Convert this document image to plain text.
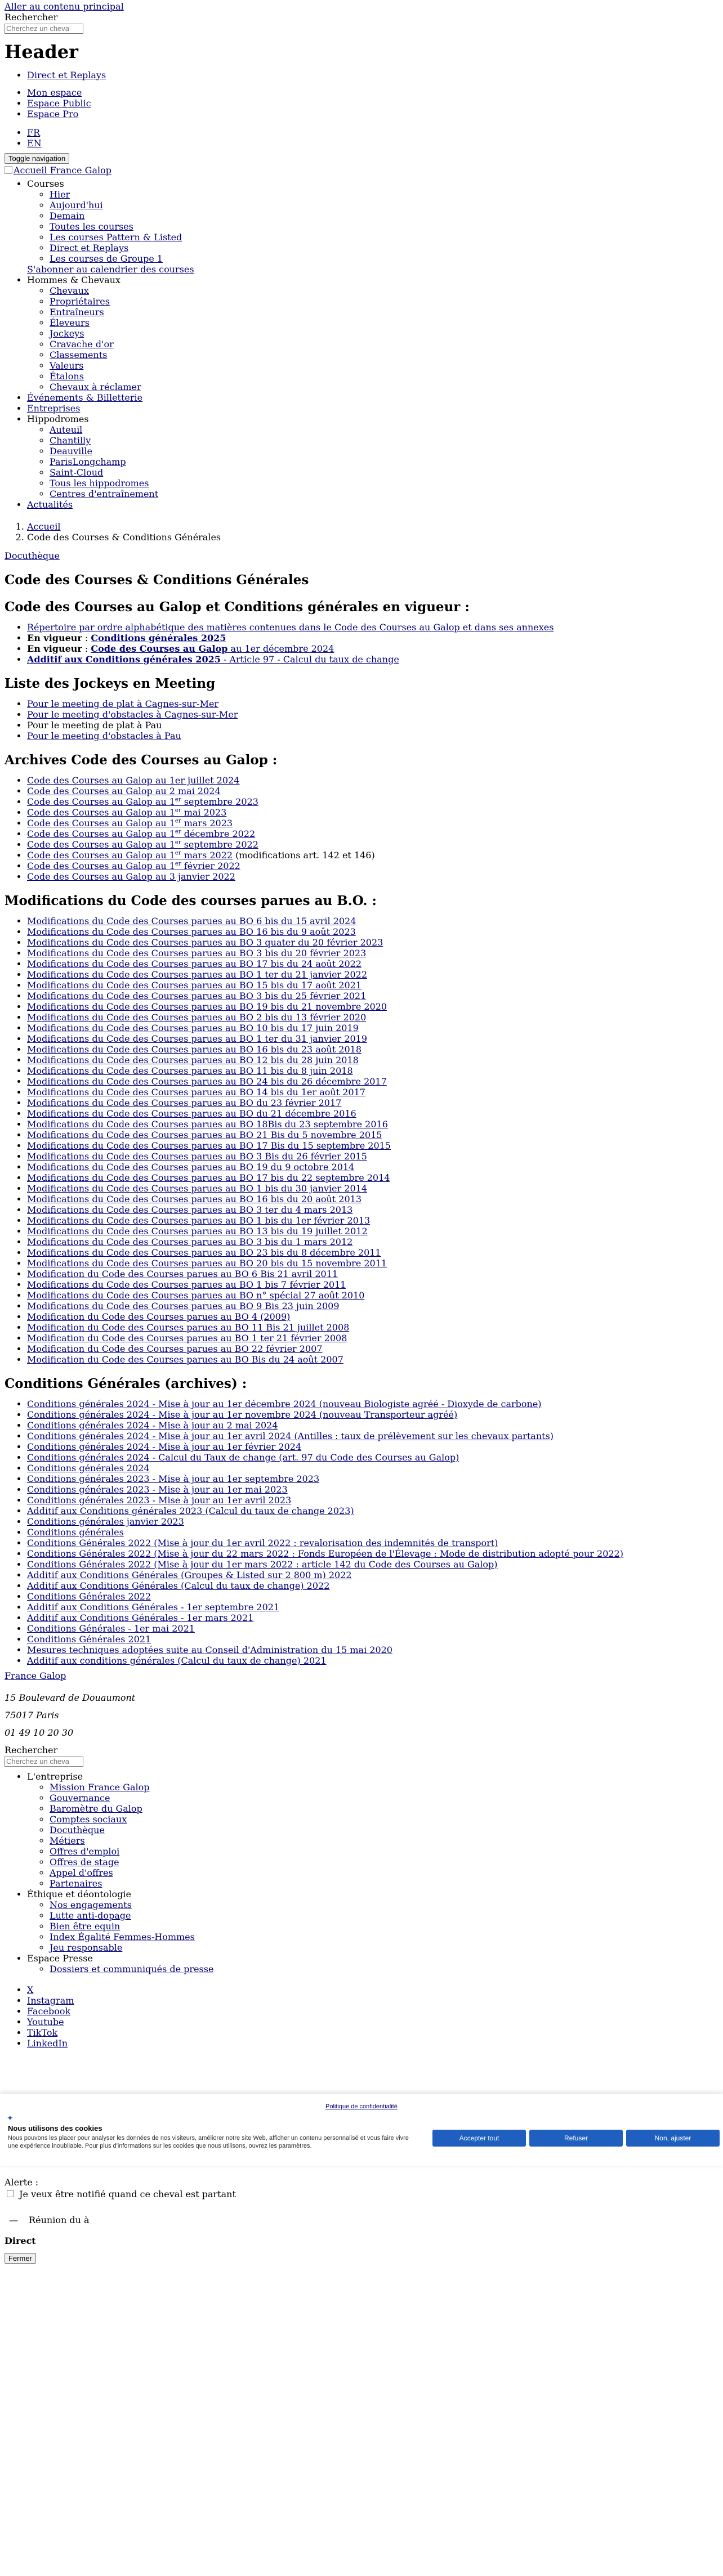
Aller au contenu principal
Rechercher
Cherchez un cheva
Header
• Direct et Replays
• Mon espace
• Espace Public
• Espace Pro
• FR
• EN
Toggle navigation
Accueil France Galop
• Courses
◦ Hier
◦ Aujourd'hui
◦ Demain
◦ Toutes les courses
◦ Les courses Pattern & Listed
◦ Direct et Replays
◦ Les courses de Groupe 1
S'abonner au calendrier des courses
• Hommes & Chevaux
◦ Chevaux
◦ Propriétaires
◦ Entraîneurs
◦ Éleveurs
◦ Jockeys
◦ Cravache d'or
◦ Classements
◦ Valeurs
◦ Étalons
◦ Chevaux à réclamer
• Événements & Billetterie
• Entreprises
• Hippodromes
◦ Auteuil
◦ Chantilly
◦ Deauville
◦ ParisLongchamp
◦ Saint-Cloud
◦ Tous les hippodromes
◦ Centres d'entraînement
• Actualités
1. Accueil
2. Code des Courses & Conditions Générales

Docuthèque

Code des Courses & Conditions Générales
Code des Courses au Galop et Conditions générales en vigueur :
• Répertoire par ordre alphabétique des matières contenues dans le Code des Courses au Galop et dans ses annexes
• En vigueur : Conditions générales 2025
• En vigueur : Code des Courses au Galop au 1er décembre 2024
• Additif aux Conditions générales 2025 - Article 97 - Calcul du taux de change
Liste des Jockeys en Meeting
• Pour le meeting de plat à Cagnes-sur-Mer
• Pour le meeting d'obstacles à Cagnes-sur-Mer
• Pour le meeting de plat à Pau
• Pour le meeting d'obstacles à Pau
Archives Code des Courses au Galop :
• Code des Courses au Galop au 1er juillet 2024
• Code des Courses au Galop au 2 mai 2024
• Code des Courses au Galop au 1er septembre 2023
• Code des Courses au Galop au 1er mai 2023
• Code des Courses au Galop au 1er mars 2023
• Code des Courses au Galop au 1er décembre 2022
• Code des Courses au Galop au 1er septembre 2022
• Code des Courses au Galop au 1er mars 2022 (modifications art. 142 et 146)
• Code des Courses au Galop au 1er février 2022
• Code des Courses au Galop au 3 janvier 2022
Modifications du Code des courses parues au B.O. :
• Modifications du Code des Courses parues au BO 6 bis du 15 avril 2024
• Modifications du Code des Courses parues au BO 16 bis du 9 août 2023
• Modifications du Code des Courses parues au BO 3 quater du 20 février 2023
• Modifications du Code des Courses parues au BO 3 bis du 20 février 2023
• Modifications du Code des Courses parues au BO 17 bis du 24 août 2022
• Modifications du Code des Courses parues au BO 1 ter du 21 janvier 2022
• Modifications du Code des Courses parues au BO 15 bis du 17 août 2021
• Modifications du Code des Courses parues au BO 3 bis du 25 février 2021
• Modifications du Code des Courses parues au BO 19 bis du 21 novembre 2020
• Modifications du Code des Courses parues au BO 2 bis du 13 février 2020
• Modifications du Code des Courses parues au BO 10 bis du 17 juin 2019
• Modifications du Code des Courses parues au BO 1 ter du 31 janvier 2019
• Modifications du Code des Courses parues au BO 16 bis du 23 août 2018
• Modifications du Code des Courses parues au BO 12 bis du 28 juin 2018
• Modifications du Code des Courses parues au BO 11 bis du 8 juin 2018
• Modifications du Code des Courses parues au BO 24 bis du 26 décembre 2017
• Modifications du Code des Courses parues au BO 14 bis du 1er août 2017
• Modifications du Code des Courses parues au BO du 23 février 2017
• Modifications du Code des Courses parues au BO du 21 décembre 2016
• Modifications du Code des Courses parues au BO 18Bis du 23 septembre 2016
• Modifications du Code des Courses parues au BO 21 Bis du 5 novembre 2015
• Modifications du Code des Courses parues au BO 17 Bis du 15 septembre 2015
• Modifications du Code des Courses parues au BO 3 Bis du 26 février 2015
• Modifications du Code des Courses parues au BO 19 du 9 octobre 2014
• Modifications du Code des Courses parues au BO 17 bis du 22 septembre 2014
• Modifications du Code des Courses parues au BO 1 bis du 30 janvier 2014
• Modifications du Code des Courses parues au BO 16 bis du 20 août 2013
• Modifications du Code des Courses parues au BO 3 ter du 4 mars 2013
• Modifications du Code des Courses parues au BO 1 bis du 1er février 2013
• Modifications du Code des Courses parues au BO 13 bis du 19 juillet 2012
• Modifications du Code des Courses parues au BO 3 bis du 1 mars 2012
• Modifications du Code des Courses parues au BO 23 bis du 8 décembre 2011
• Modifications du Code des Courses parues au BO 20 bis du 15 novembre 2011
• Modification du Code des Courses parues au BO 6 Bis 21 avril 2011
• Modifications du Code des Courses parues au BO 1 bis 7 février 2011
• Modifications du Code des Courses parues au BO n° spécial 27 août 2010
• Modifications du Code des Courses parues au BO 9 Bis 23 juin 2009
• Modification du Code des Courses parues au BO 4 (2009)
• Modification du Code des Courses parues au BO 11 Bis 21 juillet 2008
• Modification du Code des Courses parues au BO 1 ter 21 février 2008
• Modification du Code des Courses parues au BO 22 février 2007
• Modification du Code des Courses parues au BO Bis du 24 août 2007
Conditions Générales (archives) :
• Conditions générales 2024 - Mise à jour au 1er décembre 2024 (nouveau Biologiste agréé - Dioxyde de carbone)
• Conditions générales 2024 - Mise à jour au 1er novembre 2024 (nouveau Transporteur agréé)
• Conditions générales 2024 - Mise à jour au 2 mai 2024
• Conditions générales 2024 - Mise à jour au 1er avril 2024 (Antilles : taux de prélèvement sur les chevaux partants)
• Conditions générales 2024 - Mise à jour au 1er février 2024
• Conditions générales 2024 - Calcul du Taux de change (art. 97 du Code des Courses au Galop)
• Conditions générales 2024
• Conditions générales 2023 - Mise à jour au 1er septembre 2023
• Conditions générales 2023 - Mise à jour au 1er mai 2023
• Conditions générales 2023 - Mise à jour au 1er avril 2023
• Additif aux Conditions générales 2023 (Calcul du taux de change 2023)
• Conditions générales janvier 2023
• Conditions générales
• Conditions Générales 2022 (Mise à jour du 1er avril 2022 : revalorisation des indemnités de transport)
• Conditions Générales 2022 (Mise à jour du 22 mars 2022 : Fonds Européen de l'Élevage : Mode de distribution adopté pour 2022)
• Conditions Générales 2022 (Mise à jour du 1er mars 2022 : article 142 du Code des Courses au Galop)
• Additif aux Conditions Générales (Groupes & Listed sur 2 800 m) 2022
• Additif aux Conditions Générales (Calcul du taux de change) 2022
• Conditions Générales 2022
• Additif aux Conditions Générales - 1er septembre 2021
• Additif aux Conditions Générales - 1er mars 2021
• Conditions Générales - 1er mai 2021
• Conditions Générales 2021
• Mesures techniques adoptées suite au Conseil d'Administration du 15 mai 2020
• Additif aux conditions générales (Calcul du taux de change) 2021
France Galop

15 Boulevard de Douaumont

75017 Paris

01 49 10 20 30

Rechercher
Cherchez un cheva
• L'entreprise
◦ Mission France Galop
◦ Gouvernance
◦ Baromètre du Galop
◦ Comptes sociaux
◦ Docuthèque
◦ Métiers
◦ Offres d'emploi
◦ Offres de stage
◦ Appel d'offres
◦ Partenaires
• Éthique et déontologie
◦ Nos engagements
◦ Lutte anti-dopage
◦ Bien être equin
◦ Index Égalité Femmes-Hommes
◦ Jeu responsable
• Espace Presse
◦ Dossiers et communiqués de presse
• X
• Instagram
• Facebook
• Youtube
• TikTok
• LinkedIn
Politique de confidentialité
✦
Nous utilisons des cookies
Nous pouvons les placer pour analyser les données de nos visiteurs, améliorer notre site Web, afficher un contenu personnalisé et vous faire vivre une expérience inoubliable. Pour plus d'informations sur les cookies que nous utilisons, ouvrez les paramètres.
Accepter tout	Refuser	Non, ajuster
Alerte :
Je veux être notifié quand ce cheval est partant
— Réunion du à
Direct
Fermer
